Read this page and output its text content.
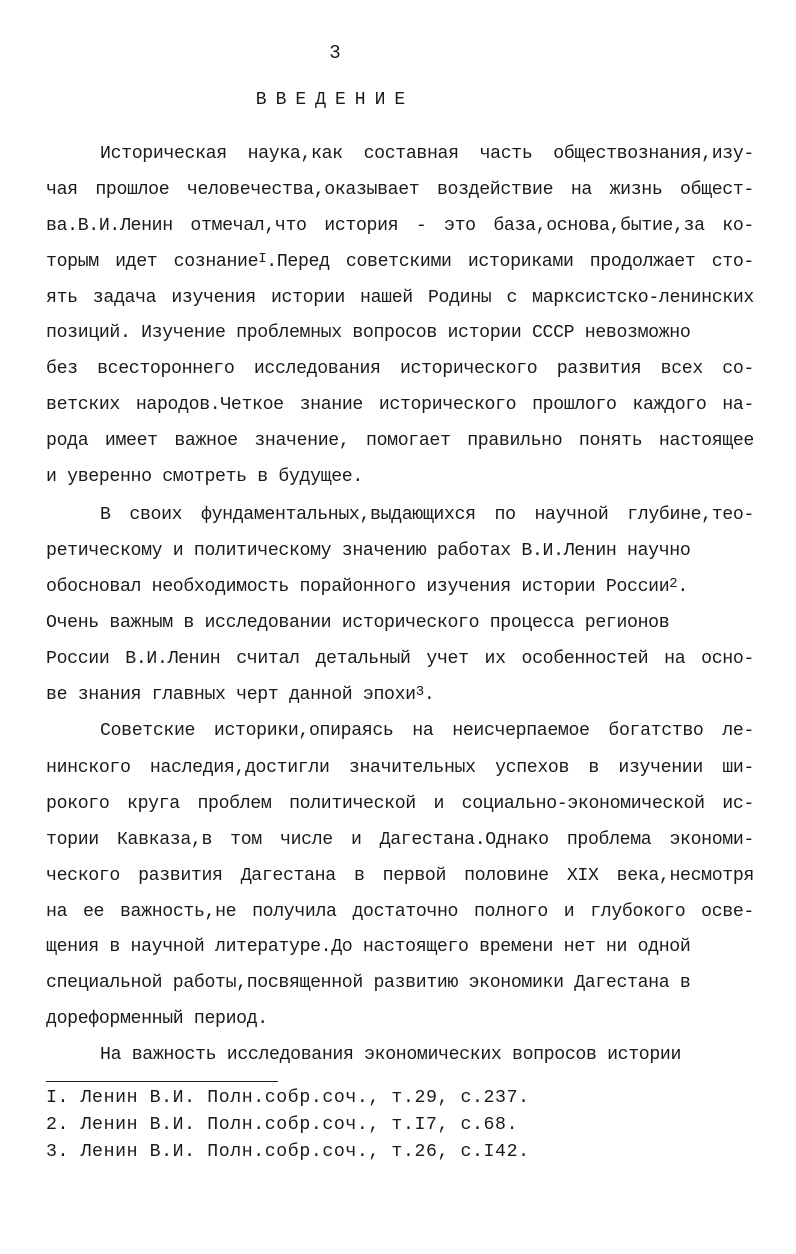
3
ВВЕДЕНИЕ
Историческая наука,как составная часть обществознания,изу-
чая прошлое человечества,оказывает воздействие на жизнь общест-
ва.В.И.Ленин отмечал,что история - это база,основа,бытие,за ко-
торым идет сознание$^I$.Перед советскими историками продолжает сто-
ять задача изучения истории нашей Родины с марксистско-ленинских
позиций. Изучение проблемных вопросов истории СССР невозможно
без всестороннего исследования исторического развития всех со-
ветских народов.Четкое знание исторического прошлого каждого на-
рода имеет важное значение, помогает правильно понять настоящее
и уверенно смотреть в будущее.
В своих фундаментальных,выдающихся по научной глубине,тео-
ретическому и политическому значению работах В.И.Ленин научно
обосновал необходимость порайонного изучения истории России$^2$.
Очень важным в исследовании исторического процесса регионов
России В.И.Ленин считал детальный учет их особенностей на осно-
ве знания главных черт данной эпохи$^3$.
Советские историки,опираясь на неисчерпаемое богатство ле-
нинского наследия,достигли значительных успехов в изучении ши-
рокого круга проблем политической и социально-экономической ис-
тории Кавказа,в том числе и Дагестана.Однако проблема экономи-
ческого развития Дагестана в первой половине XIX века,несмотря
на ее важность,не получила достаточно полного и глубокого осве-
щения в научной литературе.До настоящего времени нет ни одной
специальной работы,посвященной развитию экономики Дагестана в
дореформенный период.
На важность исследования экономических вопросов истории
I. Ленин В.И. Полн.собр.соч., т.29, с.237.
2. Ленин В.И. Полн.собр.соч., т.I7, с.68.
3. Ленин В.И. Полн.собр.соч., т.26, с.I42.
